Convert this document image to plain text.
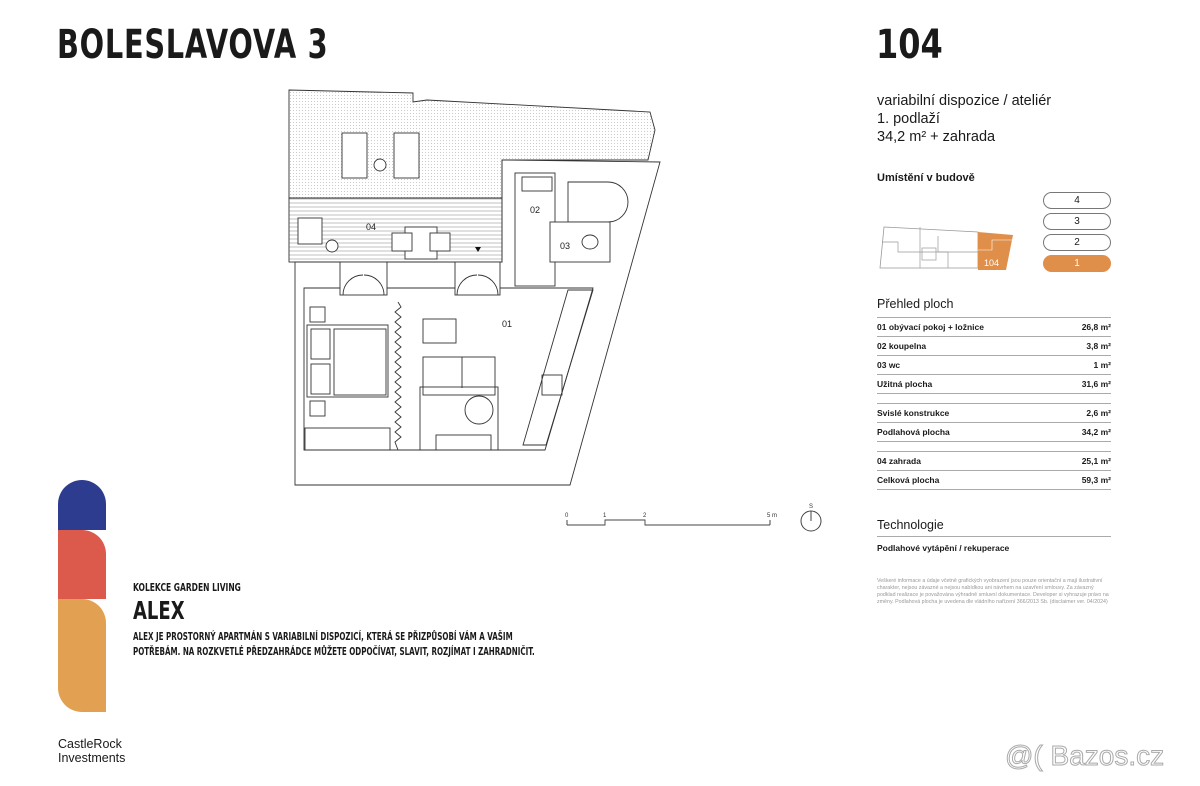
BOLESLAVOVA 3	104
variabilní dispozice / ateliér
1. podlaží
34,2 m² + zahrada
Umístění v budově
104
4
3
2
1
Přehled ploch
01 obývací pokoj + ložnice	26,8 m²
02 koupelna	3,8 m²
03 wc	1 m²
Užitná plocha	31,6 m²
Svislé konstrukce	2,6 m²
Podlahová plocha	34,2 m²
04 zahrada	25,1 m²
Celková plocha	59,3 m²
Technologie
Podlahové vytápění / rekuperace
Veškeré informace a údaje včetně grafických vyobrazení jsou pouze orientační a mají ilustrativní charakter, nejsou závazné a nejsou nabídkou ani návrhem na uzavření smlouvy. Za závazný podklad realizace je považována výhradně smluvní dokumentace. Developer si vyhrazuje právo na změny. Podlahová plocha je uvedena dle vládního nařízení 366/2013 Sb. (disclaimer ver. 04/2024)
04
02
03
01
0	1	2	5 m
S
KOLEKCE GARDEN LIVING
ALEX
ALEX JE PROSTORNÝ APARTMÁN S VARIABILNÍ DISPOZICÍ, KTERÁ SE PŘIZPŮSOBÍ VÁM A VAŠIM POTŘEBÁM. NA ROZKVETLÉ PŘEDZAHRÁDCE MŮŽETE ODPOČÍVAT, SLAVIT, ROZJÍMAT I ZAHRADNIČIT.
CastleRock
Investments	@( Bazos.cz
